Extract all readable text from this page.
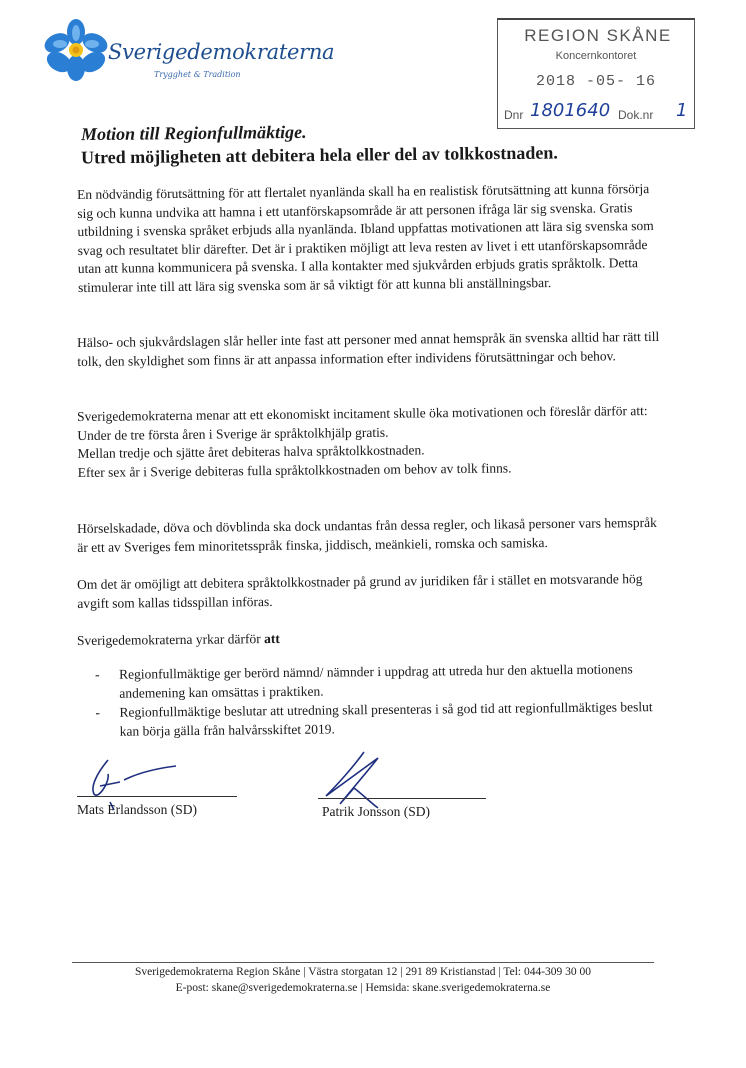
Sverigedemokraterna
Trygghet & Tradition
REGION SKÅNE
Koncernkontoret
2018 -05- 16
Dnr 1801640 Dok.nr 1
Motion till Regionfullmäktige.
Utred möjligheten att debitera hela eller del av tolkkostnaden.

En nödvändig förutsättning för att flertalet nyanlända skall ha en realistisk förutsättning att kunna försörja sig och kunna undvika att hamna i ett utanförskapsområde är att personen ifråga lär sig svenska. Gratis utbildning i svenska språket erbjuds alla nyanlända. Ibland uppfattas motivationen att lära sig svenska som svag och resultatet blir därefter. Det är i praktiken möjligt att leva resten av livet i ett utanförskapsområde utan att kunna kommunicera på svenska. I alla kontakter med sjukvården erbjuds gratis språktolk. Detta stimulerar inte till att lära sig svenska som är så viktigt för att kunna bli anställningsbar.

Hälso- och sjukvårdslagen slår heller inte fast att personer med annat hemspråk än svenska alltid har rätt till tolk, den skyldighet som finns är att anpassa information efter individens förutsättningar och behov.

Sverigedemokraterna menar att ett ekonomiskt incitament skulle öka motivationen och föreslår därför att:

Under de tre första åren i Sverige är språktolkhjälp gratis.

Mellan tredje och sjätte året debiteras halva språktolkkostnaden.

Efter sex år i Sverige debiteras fulla språktolkkostnaden om behov av tolk finns.

Hörselskadade, döva och dövblinda ska dock undantas från dessa regler, och likaså personer vars hemspråk är ett av Sveriges fem minoritetsspråk finska, jiddisch, meänkieli, romska och samiska.

Om det är omöjligt att debitera språktolkkostnader på grund av juridiken får i stället en motsvarande hög avgift som kallas tidsspillan införas.

Sverigedemokraterna yrkar därför att
-	Regionfullmäktige ger berörd nämnd/ nämnder i uppdrag att utreda hur den aktuella motionens andemening kan omsättas i praktiken.
-	Regionfullmäktige beslutar att utredning skall presenteras i så god tid att regionfullmäktiges beslut kan börja gälla från halvårsskiftet 2019.
Mats Erlandsson (SD)	Patrik Jonsson (SD)
Sverigedemokraterna Region Skåne | Västra storgatan 12 | 291 89 Kristianstad | Tel: 044-309 30 00
E-post: skane@sverigedemokraterna.se | Hemsida: skane.sverigedemokraterna.se
